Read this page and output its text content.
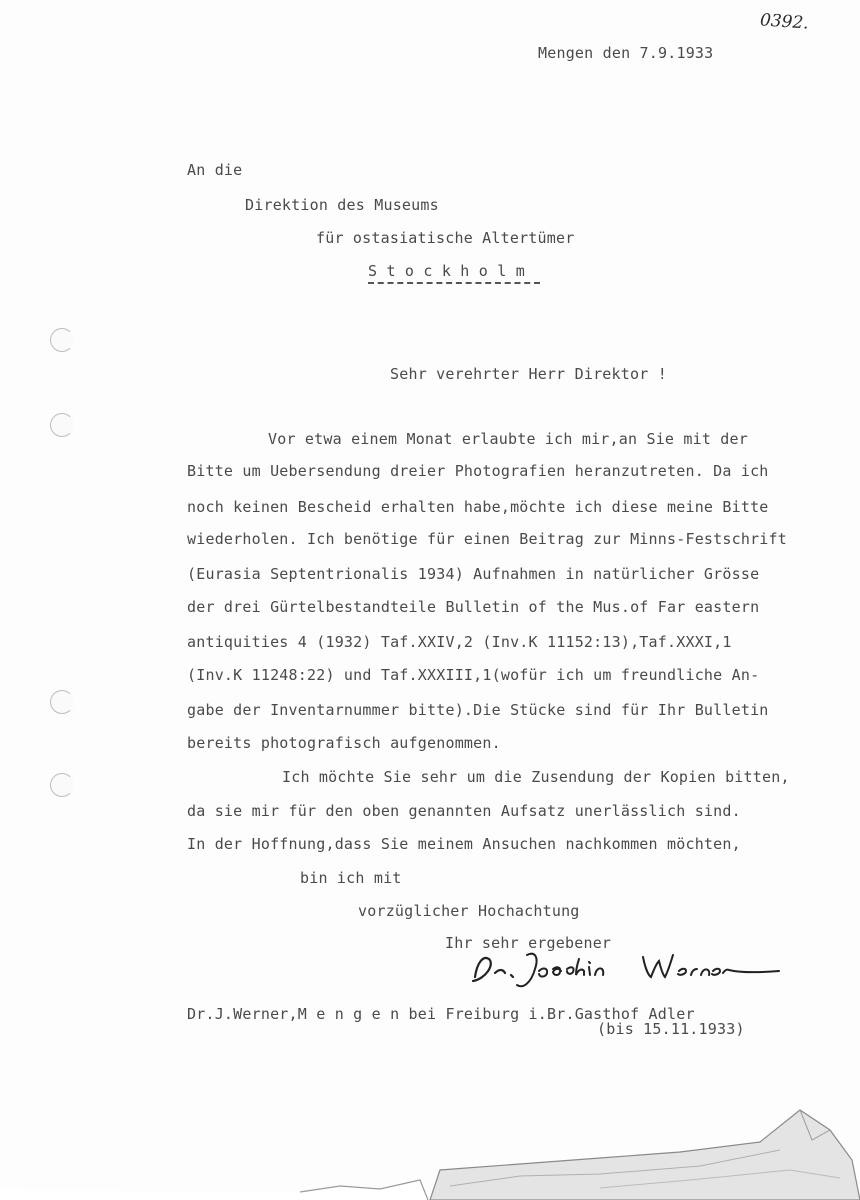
0392.
Mengen den 7.9.1933
An die
Direktion des Museums
für ostasiatische Altertümer
S t o c k h o l m
Sehr verehrter Herr Direktor !
Vor etwa einem Monat erlaubte ich mir,an Sie mit der
Bitte um Uebersendung dreier Photografien heranzutreten. Da ich
noch keinen Bescheid erhalten habe,möchte ich diese meine Bitte
wiederholen. Ich benötige für einen Beitrag zur Minns-Festschrift
(Eurasia Septentrionalis 1934) Aufnahmen in natürlicher Grösse
der drei Gürtelbestandteile Bulletin of the Mus.of Far eastern
antiquities 4 (1932) Taf.XXIV,2 (Inv.K 11152:13),Taf.XXXI,1
(Inv.K 11248:22) und Taf.XXXIII,1(wofür ich um freundliche An-
gabe der Inventarnummer bitte).Die Stücke sind für Ihr Bulletin
bereits photografisch aufgenommen.
Ich möchte Sie sehr um die Zusendung der Kopien bitten,
da sie mir für den oben genannten Aufsatz unerlässlich sind.
In der Hoffnung,dass Sie meinem Ansuchen nachkommen möchten,
bin ich mit
vorzüglicher Hochachtung
Ihr sehr ergebener
Dr.J.Werner,M e n g e n bei Freiburg i.Br.Gasthof Adler
(bis 15.11.1933)
